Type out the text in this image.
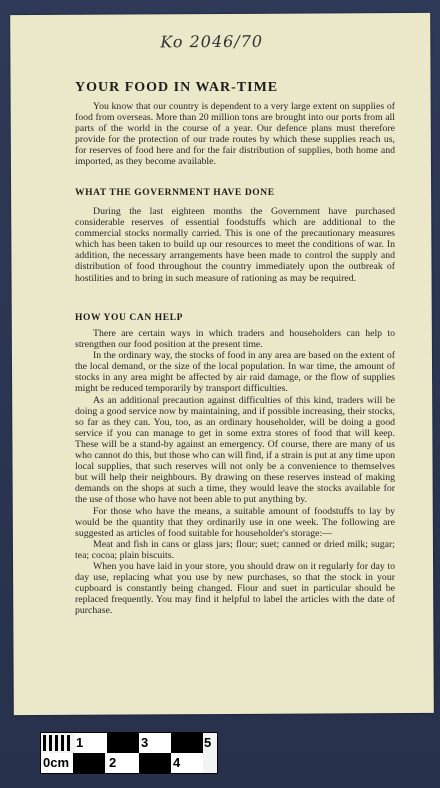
Ko 2046/70
YOUR FOOD IN WAR-TIME

You know that our country is dependent to a very large extent on supplies of food from overseas. More than 20 million tons are brought into our ports from all parts of the world in the course of a year. Our defence plans must therefore provide for the protection of our trade routes by which these supplies reach us, for reserves of food here and for the fair distribution of supplies, both home and imported, as they become available.

WHAT THE GOVERNMENT HAVE DONE

During the last eighteen months the Government have purchased considerable reserves of essential foodstuffs which are additional to the commercial stocks normally carried. This is one of the precautionary measures which has been taken to build up our resources to meet the conditions of war. In addition, the necessary arrangements have been made to control the supply and distribution of food throughout the country immediately upon the outbreak of hostilities and to bring in such measure of rationing as may be required.

HOW YOU CAN HELP

There are certain ways in which traders and householders can help to strengthen our food position at the present time.

In the ordinary way, the stocks of food in any area are based on the extent of the local demand, or the size of the local population. In war time, the amount of stocks in any area might be affected by air raid damage, or the flow of supplies might be reduced temporarily by transport difficulties.

As an additional precaution against difficulties of this kind, traders will be doing a good service now by maintaining, and if possible increasing, their stocks, so far as they can. You, too, as an ordinary householder, will be doing a good service if you can manage to get in some extra stores of food that will keep. These will be a stand-by against an emergency. Of course, there are many of us who cannot do this, but those who can will find, if a strain is put at any time upon local supplies, that such reserves will not only be a convenience to themselves but will help their neighbours. By drawing on these reserves instead of making demands on the shops at such a time, they would leave the stocks available for the use of those who have not been able to put anything by.

For those who have the means, a suitable amount of foodstuffs to lay by would be the quantity that they ordinarily use in one week. The following are suggested as articles of food suitable for householder's storage:—

Meat and fish in cans or glass jars; flour; suet; canned or dried milk; sugar; tea; cocoa; plain biscuits.

When you have laid in your store, you should draw on it regularly for day to day use, replacing what you use by new purchases, so that the stock in your cupboard is constantly being changed. Flour and suet in particular should be replaced frequently. You may find it helpful to label the articles with the date of purchase.

1	3	5
0cm	2	4
